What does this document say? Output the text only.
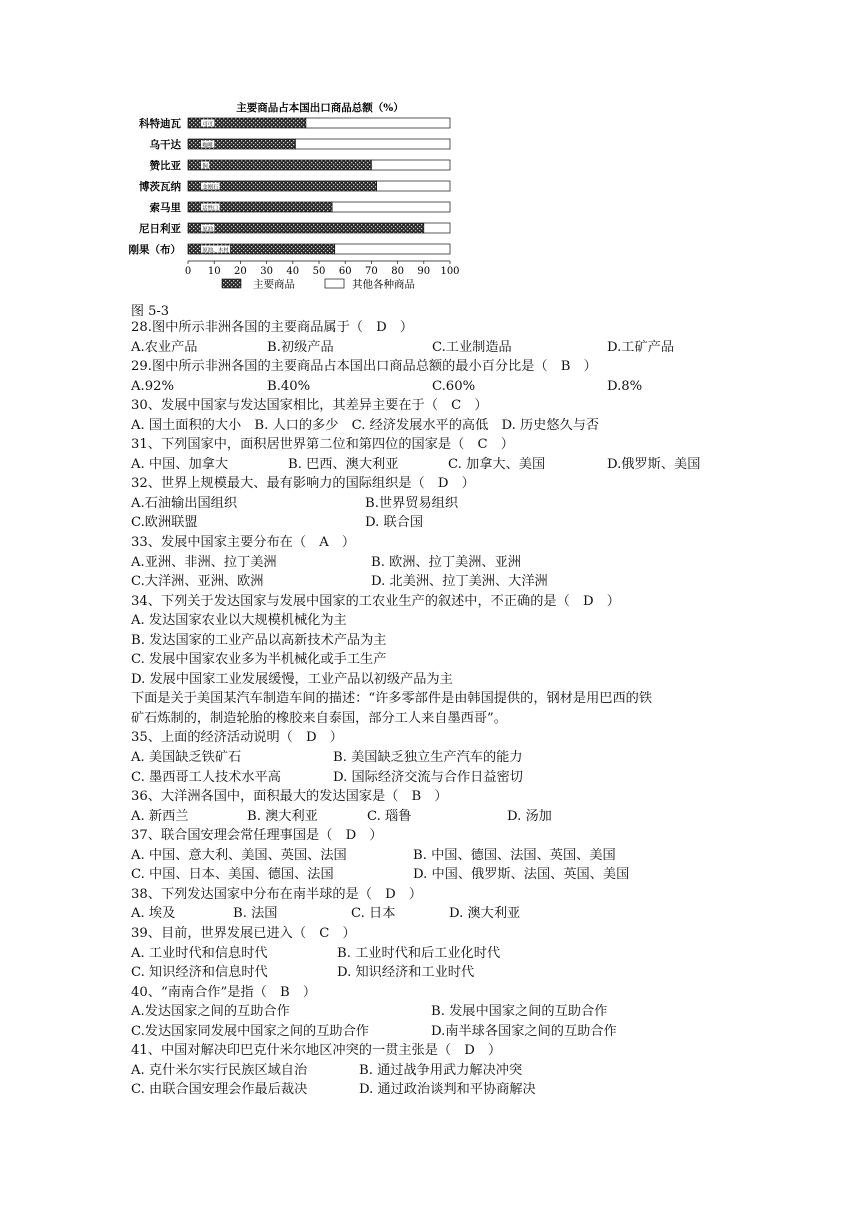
主要商品占本国出口商品总额（%）
科特迪瓦	可可
乌干达	咖啡
赞比亚	铜
博茨瓦纳	金刚石
索马里	活牲口
尼日利亚	原油
刚果（布）	原油、木材
0 10 20 30 40 50 60 70 80 90 100
主要商品	其他各种商品
图 5-3
28.图中所示非洲各国的主要商品属于（　D　）
A.农业产品	B.初级产品	C.工业制造品	D.工矿产品
29.图中所示非洲各国的主要商品占本国出口商品总额的最小百分比是（　B　）
A.92%	B.40%	C.60%	D.8%
30、发展中国家与发达国家相比，其差异主要在于（　C　）
A. 国土面积的大小　B. 人口的多少　C. 经济发展水平的高低　D. 历史悠久与否
31、下列国家中，面积居世界第二位和第四位的国家是（　C　）
A. 中国、加拿大	B. 巴西、澳大利亚	C. 加拿大、美国	D.俄罗斯、美国
32、世界上规模最大、最有影响力的国际组织是（　D　）
A.石油输出国组织	B.世界贸易组织
C.欧洲联盟	D. 联合国
33、发展中国家主要分布在（　A　）
A.亚洲、非洲、拉丁美洲	B. 欧洲、拉丁美洲、亚洲
C.大洋洲、亚洲、欧洲	D. 北美洲、拉丁美洲、大洋洲
34、下列关于发达国家与发展中国家的工农业生产的叙述中，不正确的是（　D　）
A. 发达国家农业以大规模机械化为主
B. 发达国家的工业产品以高新技术产品为主
C. 发展中国家农业多为半机械化或手工生产
D. 发展中国家工业发展缓慢，工业产品以初级产品为主
下面是关于美国某汽车制造车间的描述：“许多零部件是由韩国提供的，钢材是用巴西的铁
矿石炼制的，制造轮胎的橡胶来自泰国，部分工人来自墨西哥”。
35、上面的经济活动说明（　D　）
A. 美国缺乏铁矿石	B. 美国缺乏独立生产汽车的能力
C. 墨西哥工人技术水平高	D. 国际经济交流与合作日益密切
36、大洋洲各国中，面积最大的发达国家是（　B　）
A. 新西兰	B. 澳大利亚	C. 瑙鲁	D. 汤加
37、联合国安理会常任理事国是（　D　）
A. 中国、意大利、美国、英国、法国	B. 中国、德国、法国、英国、美国
C. 中国、日本、美国、德国、法国	D. 中国、俄罗斯、法国、英国、美国
38、下列发达国家中分布在南半球的是（　D　）
A. 埃及	B. 法国	C. 日本	D. 澳大利亚
39、目前，世界发展已进入（　C　）
A. 工业时代和信息时代	B. 工业时代和后工业化时代
C. 知识经济和信息时代	D. 知识经济和工业时代
40、“南南合作”是指（　B　）
A.发达国家之间的互助合作	B. 发展中国家之间的互助合作
C.发达国家同发展中国家之间的互助合作	D.南半球各国家之间的互助合作
41、中国对解决印巴克什米尔地区冲突的一贯主张是（　D　）
A. 克什米尔实行民族区域自治	B. 通过战争用武力解决冲突
C. 由联合国安理会作最后裁决	D. 通过政治谈判和平协商解决
